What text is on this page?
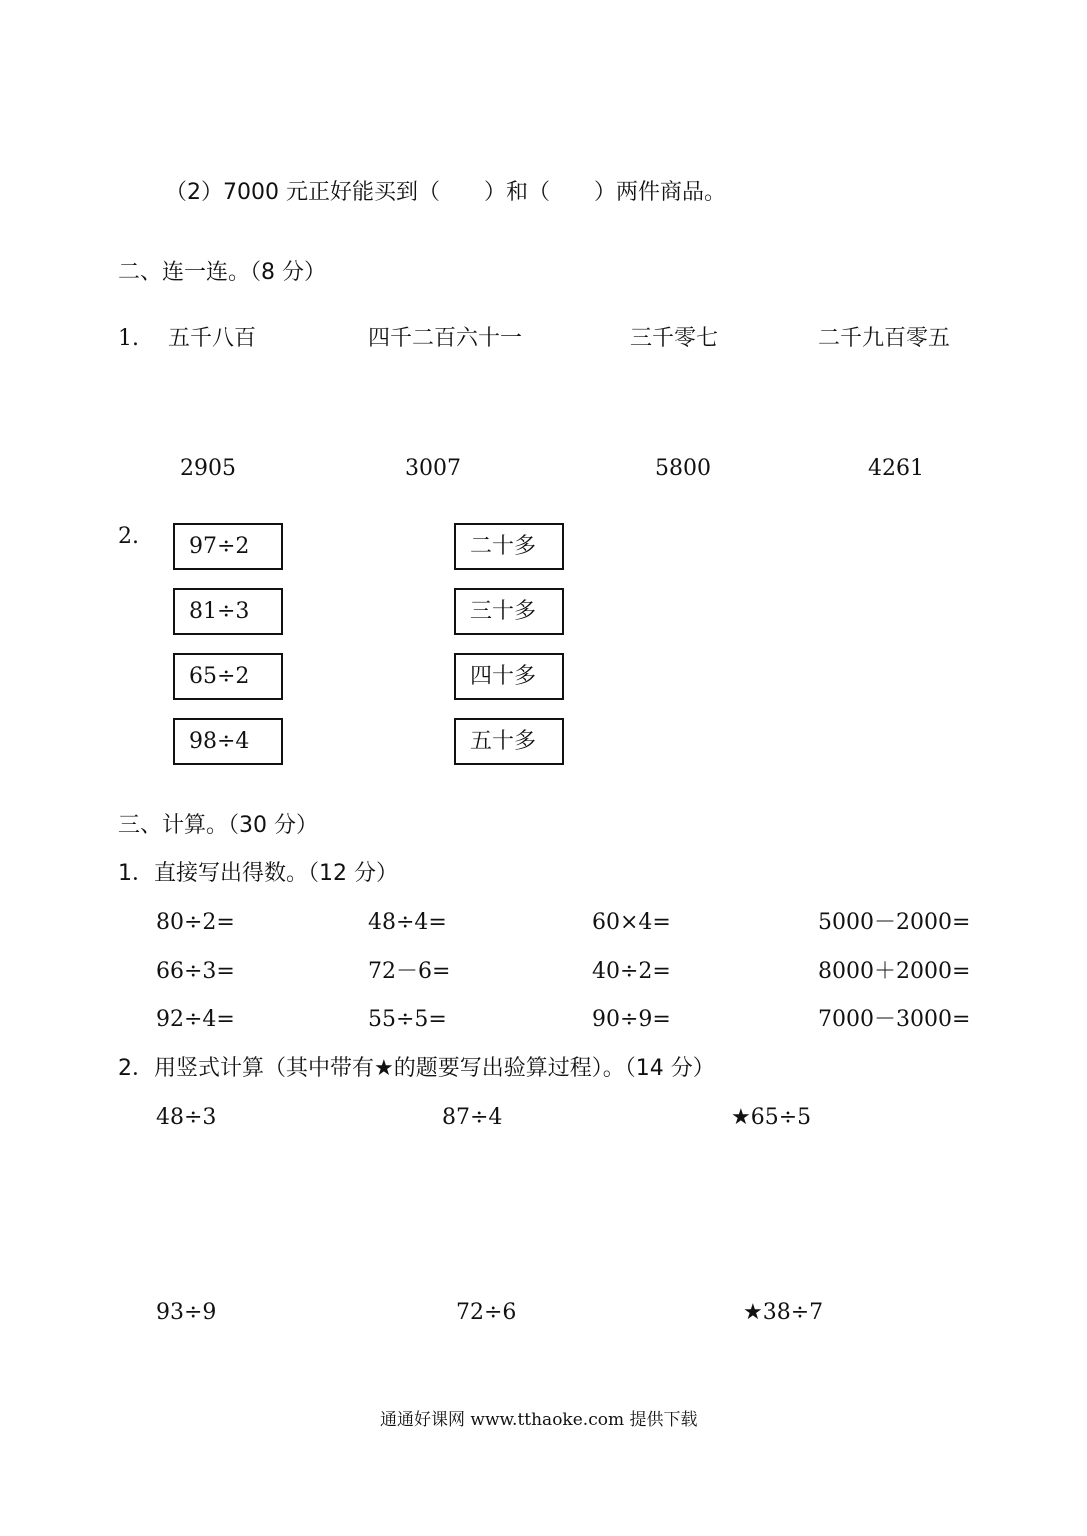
（2）7000 元正好能买到（　　）和（　　）两件商品。
二、连一连。（8 分）
1. 五千八百	四千二百六十一	三千零七	二千九百零五
2905	3007	5800	4261
2.	97÷2
81÷3
65÷2
98÷4
二十多
三十多
四十多
五十多
三、计算。（30 分）
1．直接写出得数。（12 分）
80÷2=	48÷4=	60×4=	5000－2000=
66÷3=	72－6=	40÷2=	8000＋2000=
92÷4=	55÷5=	90÷9=	7000－3000=
2．用竖式计算（其中带有★的题要写出验算过程）。（14 分）
48÷3	87÷4	★65÷5
93÷9	72÷6	★38÷7
通通好课网 www.tthaoke.com 提供下载
